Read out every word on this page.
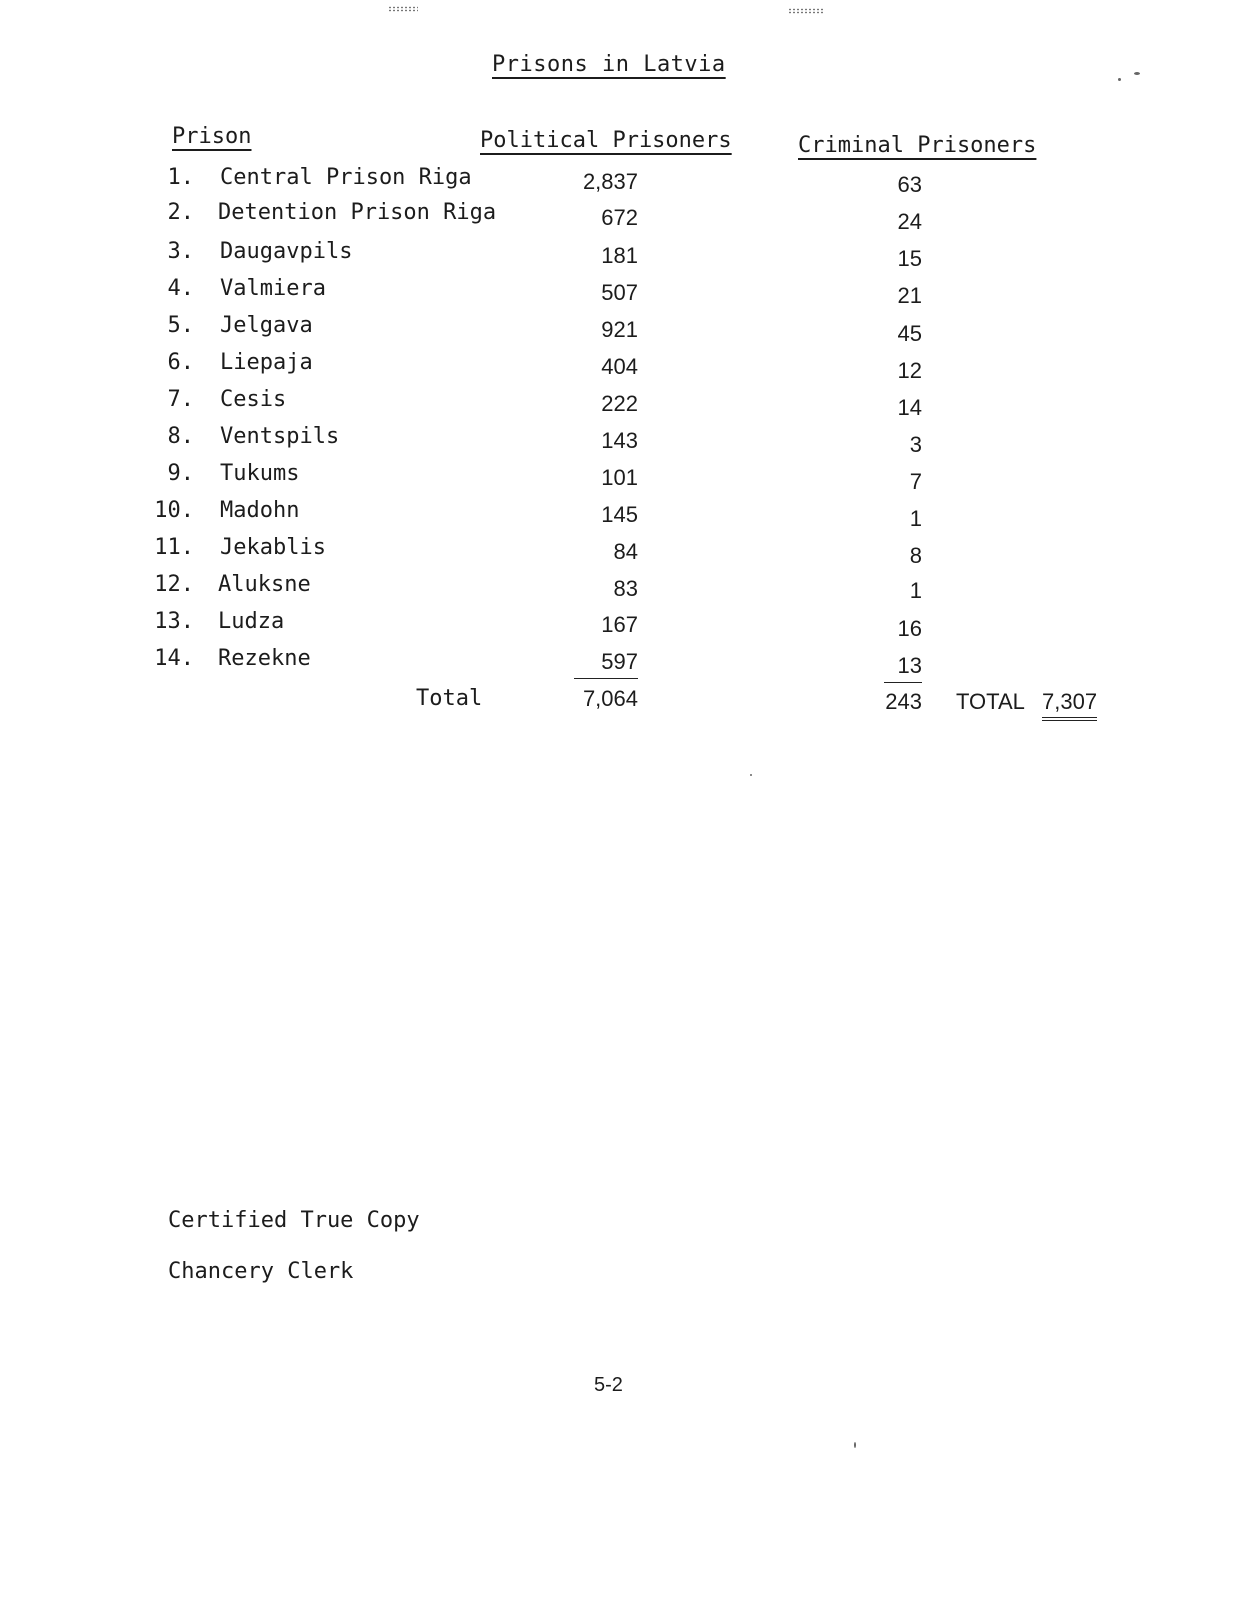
Prisons in Latvia
Prison	Political Prisoners	Criminal Prisoners
1. Central Prison Riga	2,837	63
2. Detention Prison Riga	672	24
3. Daugavpils	181	15
4. Valmiera	507	21
5. Jelgava	921	45
6. Liepaja	404	12
7. Cesis	222	14
8. Ventspils	143	3
9. Tukums	101	7
10. Madohn	145	1
11. Jekablis	84	8
12. Aluksne	83	1
13. Ludza	167	16
14. Rezekne	597	13
Total	7,064	243 TOTAL 7,307
Certified True Copy
Chancery Clerk
5-2
